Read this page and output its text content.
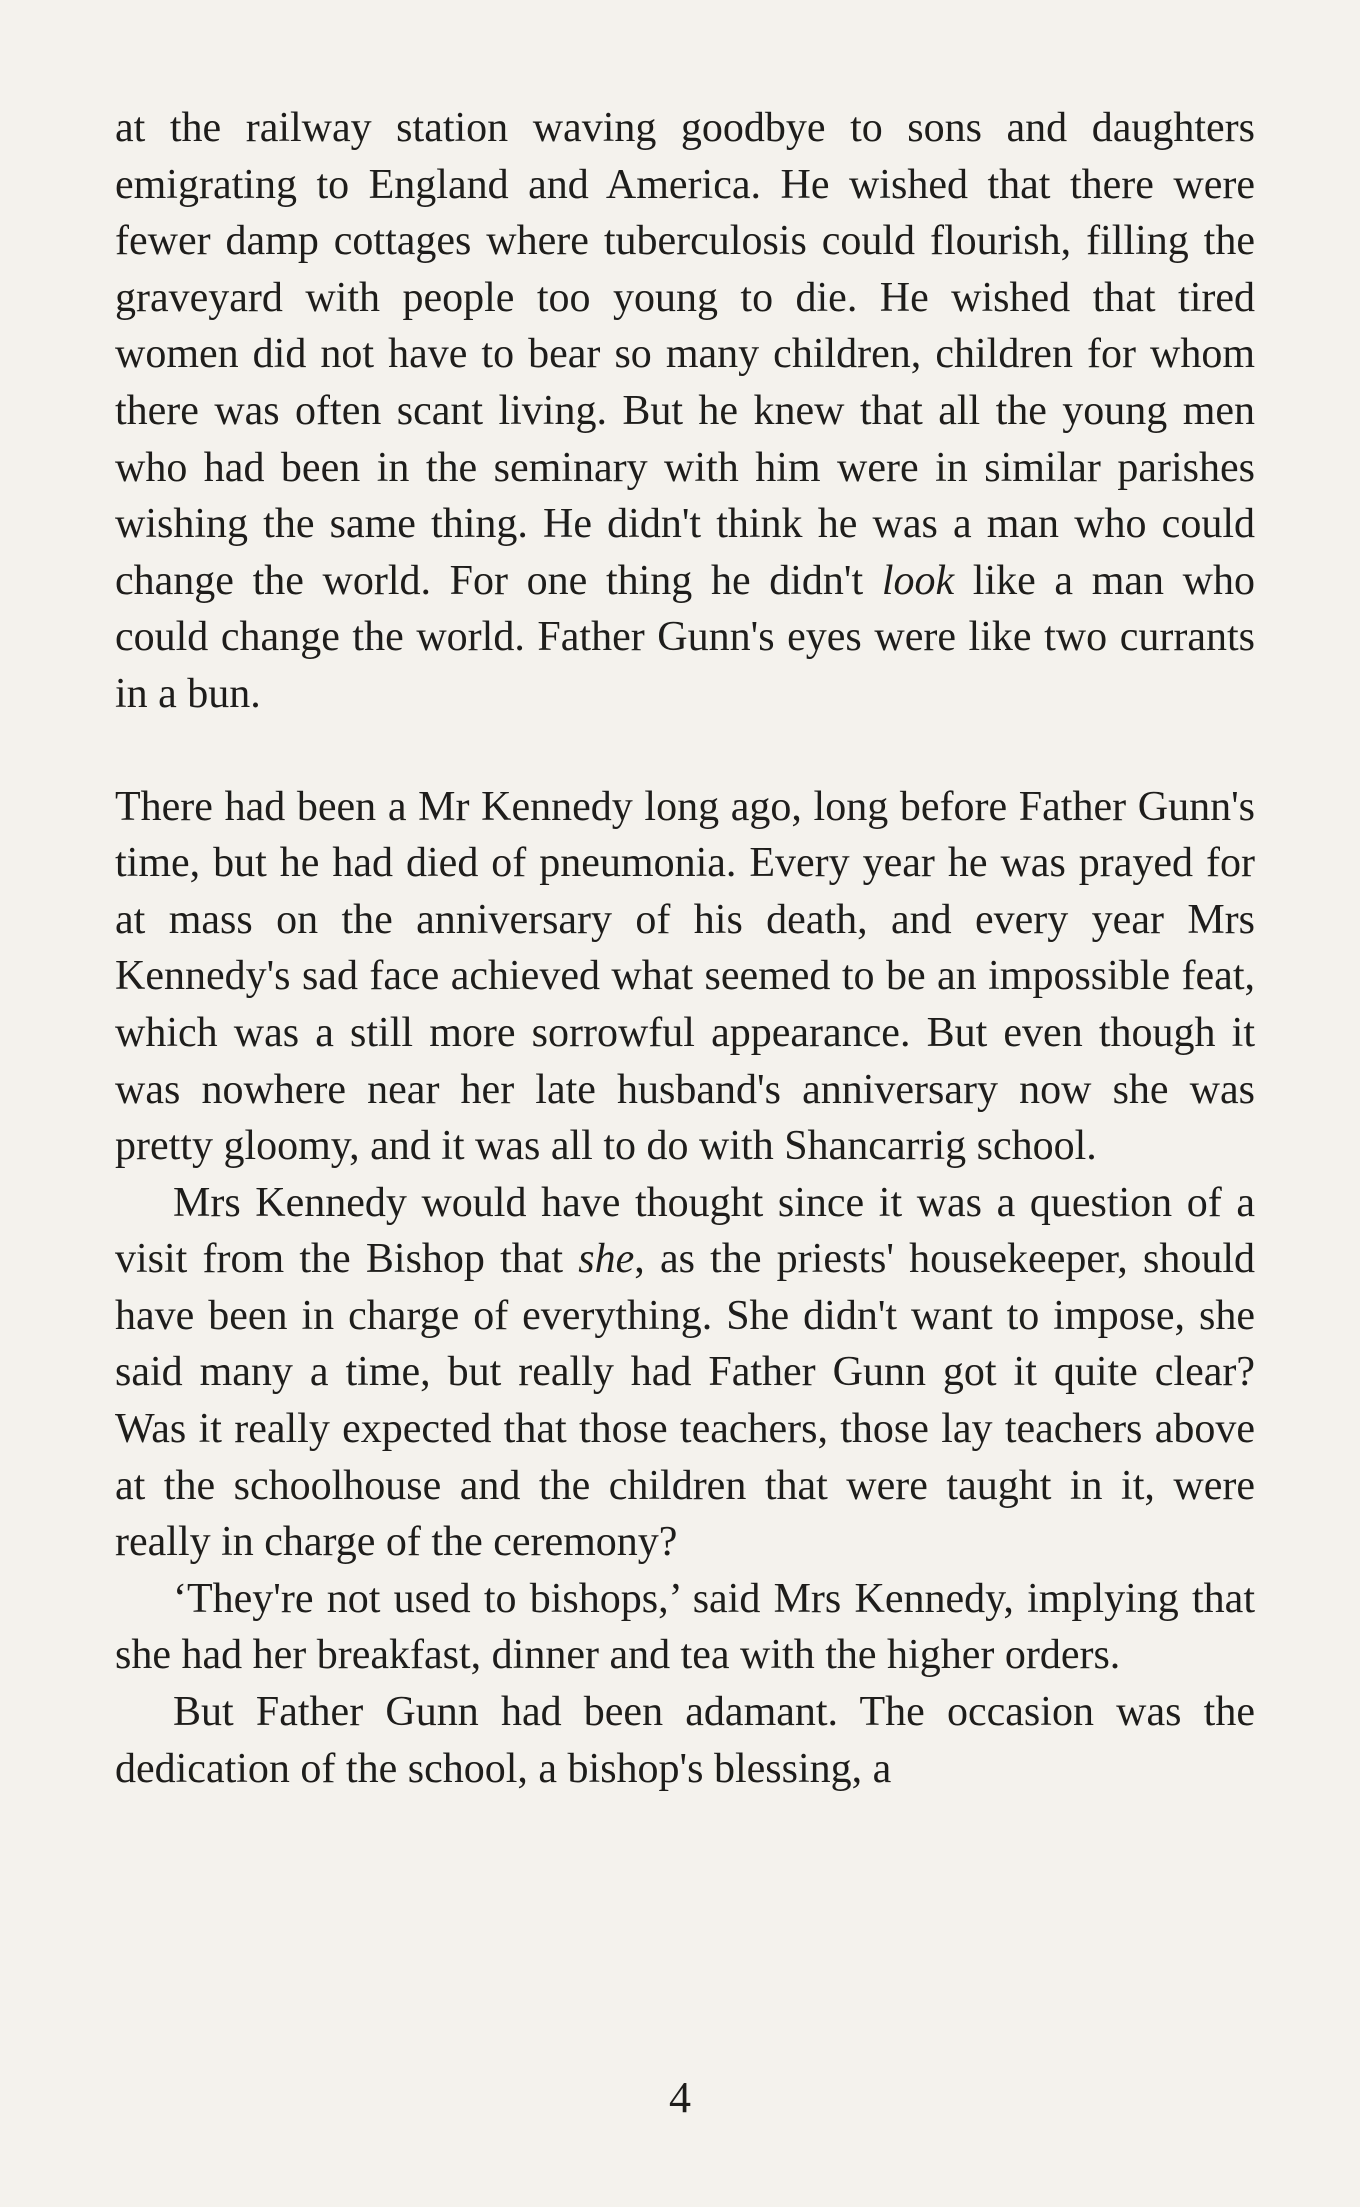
at the railway station waving goodbye to sons and daughters emigrating to England and America. He wished that there were fewer damp cottages where tuberculosis could flourish, filling the graveyard with people too young to die. He wished that tired women did not have to bear so many children, children for whom there was often scant living. But he knew that all the young men who had been in the seminary with him were in similar parishes wishing the same thing. He didn't think he was a man who could change the world. For one thing he didn't look like a man who could change the world. Father Gunn's eyes were like two currants in a bun.

There had been a Mr Kennedy long ago, long before Father Gunn's time, but he had died of pneumonia. Every year he was prayed for at mass on the anniversary of his death, and every year Mrs Kennedy's sad face achieved what seemed to be an impossible feat, which was a still more sorrowful appearance. But even though it was nowhere near her late husband's anniversary now she was pretty gloomy, and it was all to do with Shancarrig school.

Mrs Kennedy would have thought since it was a question of a visit from the Bishop that she, as the priests' housekeeper, should have been in charge of everything. She didn't want to impose, she said many a time, but really had Father Gunn got it quite clear? Was it really expected that those teachers, those lay teachers above at the schoolhouse and the children that were taught in it, were really in charge of the ceremony?

‘They're not used to bishops,’ said Mrs Kennedy, implying that she had her breakfast, dinner and tea with the higher orders.

But Father Gunn had been adamant. The occasion was the dedication of the school, a bishop's blessing, a

4
